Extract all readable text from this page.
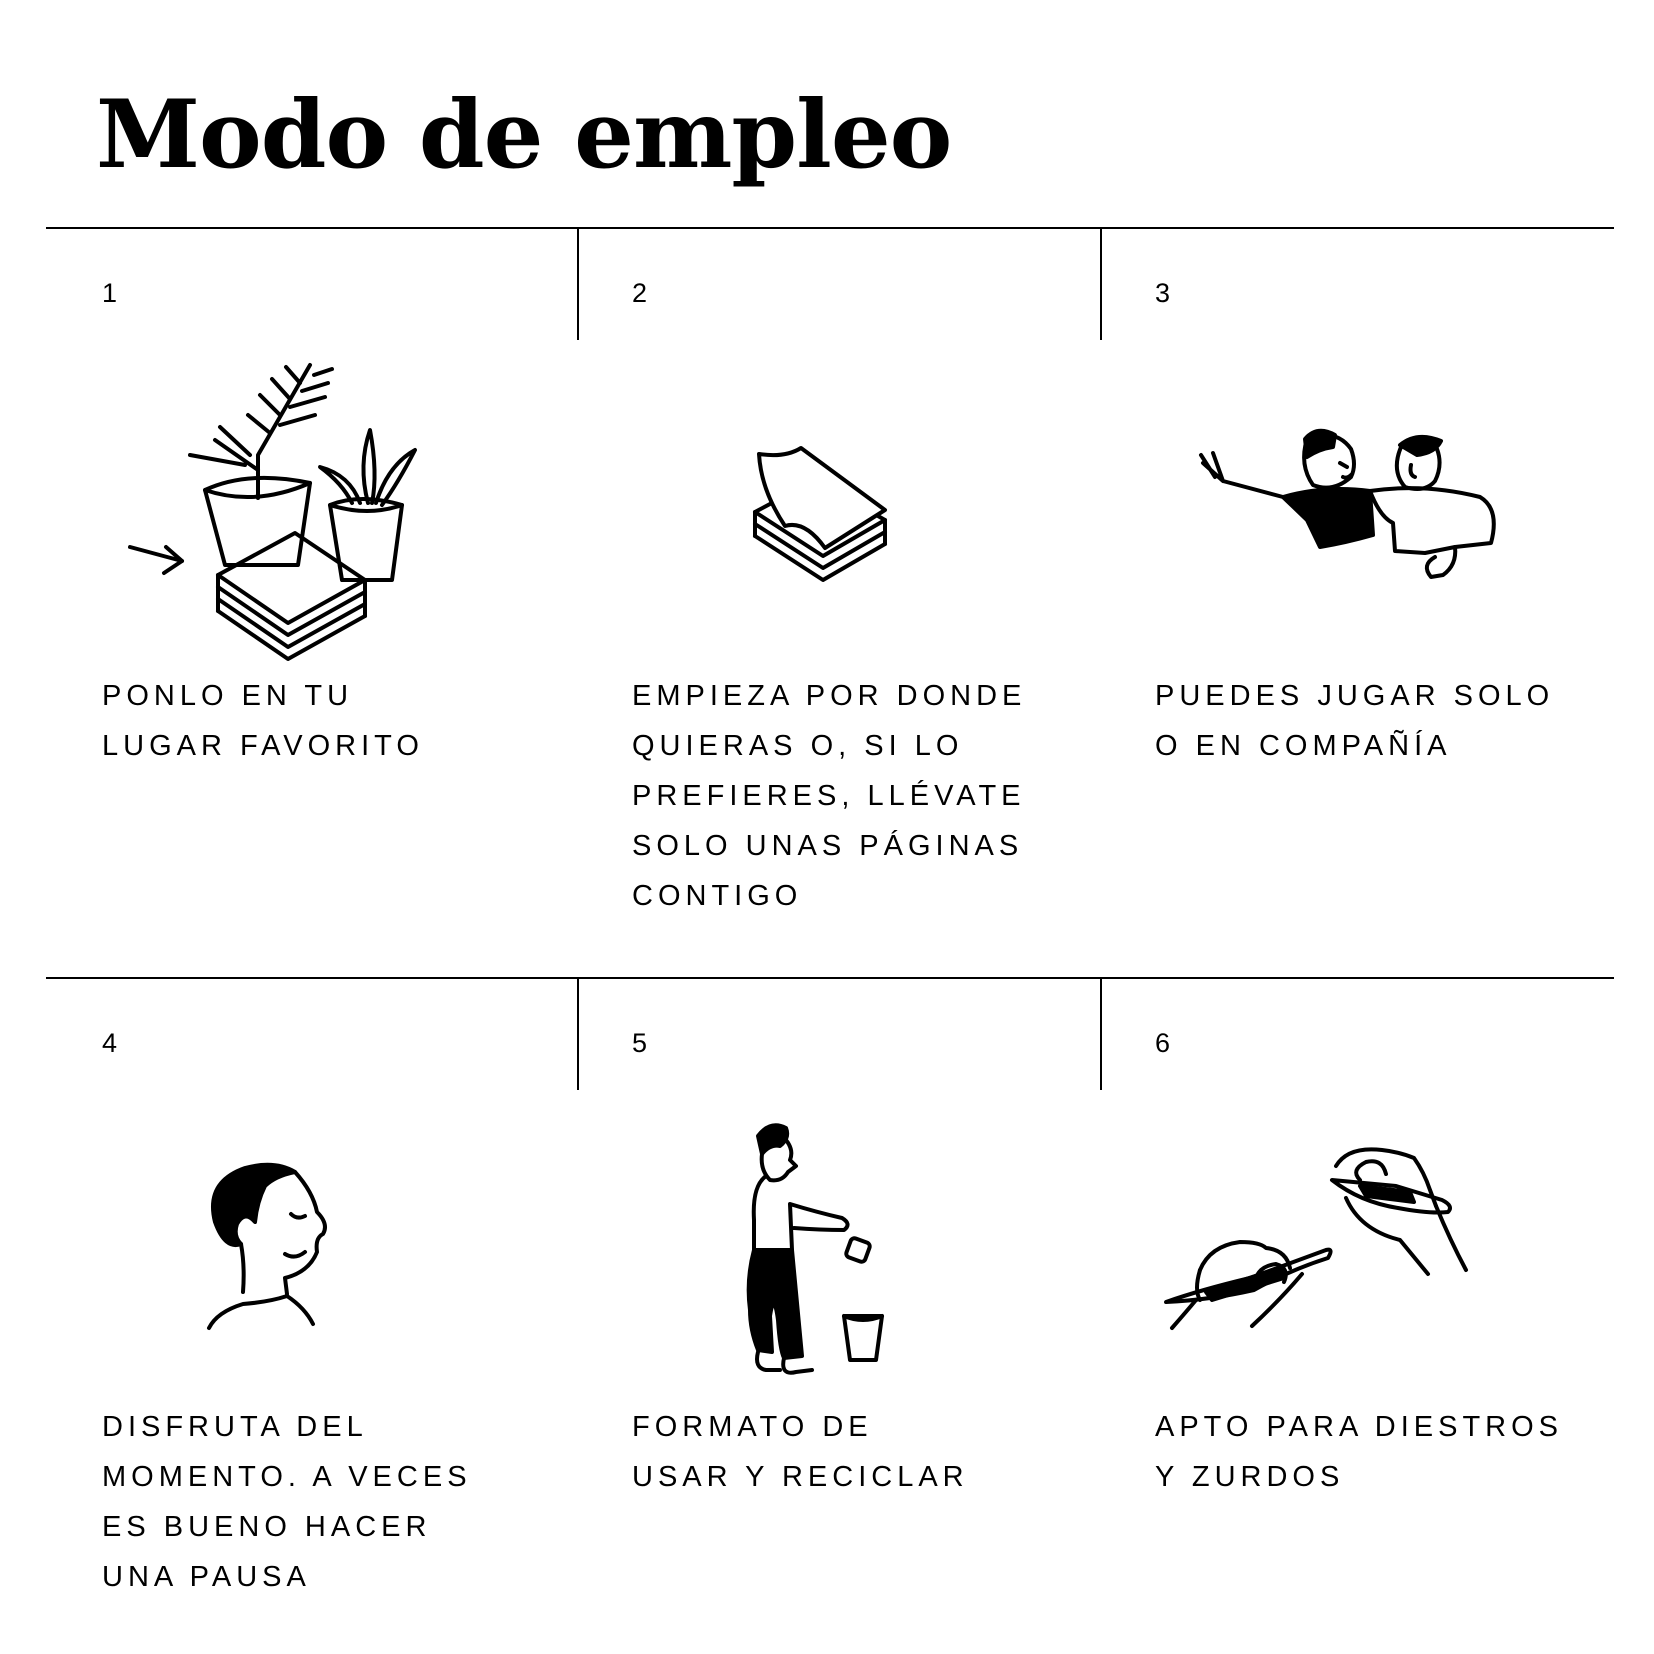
Modo de empleo
1
PONLO EN TU
LUGAR FAVORITO
2
EMPIEZA POR DONDE
QUIERAS O, SI LO
PREFIERES, LLÉVATE
SOLO UNAS PÁGINAS
CONTIGO
3
PUEDES JUGAR SOLO
O EN COMPAÑÍA
4
DISFRUTA DEL
MOMENTO. A VECES
ES BUENO HACER
UNA PAUSA
5
FORMATO DE
USAR Y RECICLAR
6
APTO PARA DIESTROS
Y ZURDOS
